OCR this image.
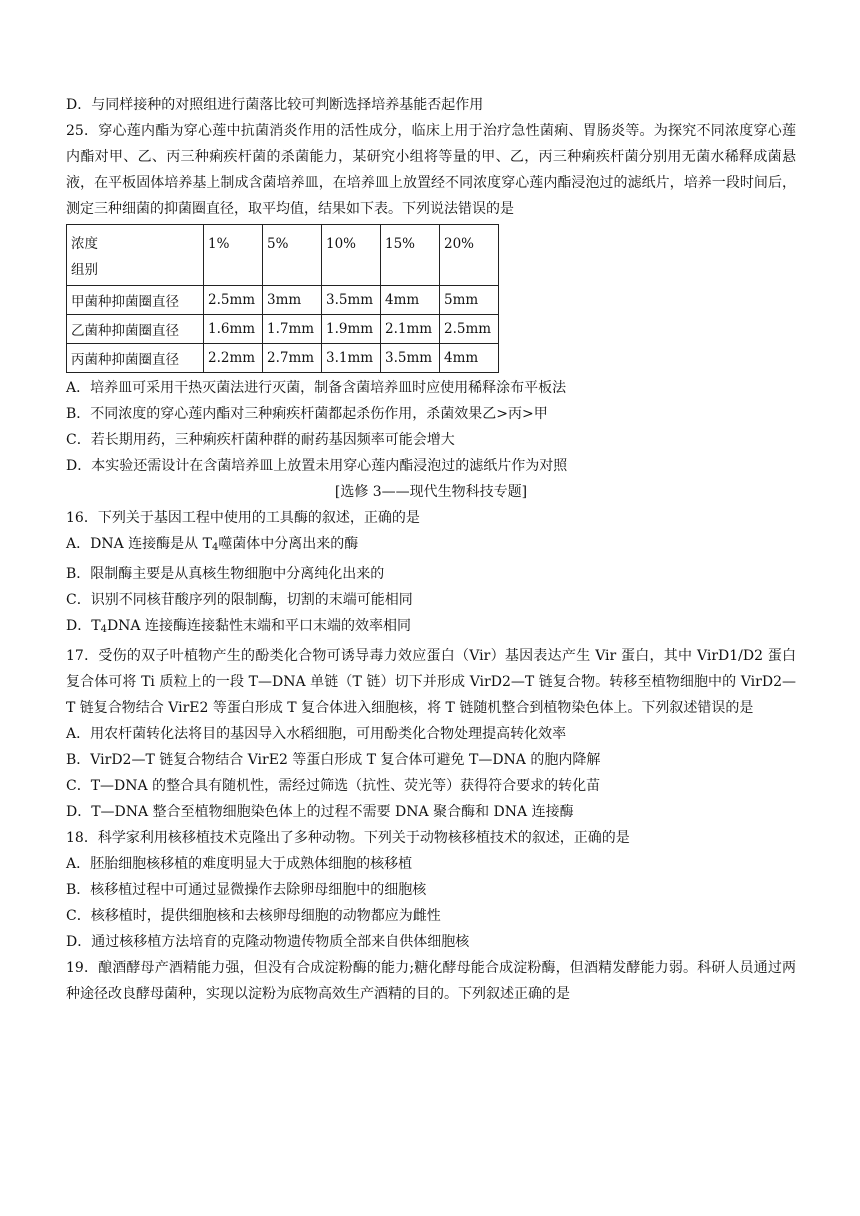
D．与同样接种的对照组进行菌落比较可判断选择培养基能否起作用
25．穿心莲内酯为穿心莲中抗菌消炎作用的活性成分，临床上用于治疗急性菌痢、胃肠炎等。为探究不同浓度穿心莲内酯对甲、乙、丙三种痢疾杆菌的杀菌能力，某研究小组将等量的甲、乙，丙三种痢疾杆菌分别用无菌水稀释成菌悬液，在平板固体培养基上制成含菌培养皿，在培养皿上放置经不同浓度穿心莲内酯浸泡过的滤纸片，培养一段时间后，测定三种细菌的抑菌圈直径，取平均值，结果如下表。下列说法错误的是
浓度
组别	1%	5%	10%	15%	20%
甲菌种抑菌圈直径	2.5mm	3mm	3.5mm	4mm	5mm
乙菌种抑菌圈直径	1.6mm	1.7mm	1.9mm	2.1mm	2.5mm
丙菌种抑菌圈直径	2.2mm	2.7mm	3.1mm	3.5mm	4mm
A．培养皿可采用干热灭菌法进行灭菌，制备含菌培养皿时应使用稀释涂布平板法
B．不同浓度的穿心莲内酯对三种痢疾杆菌都起杀伤作用，杀菌效果乙>丙>甲
C．若长期用药，三种痢疾杆菌种群的耐药基因频率可能会增大
D．本实验还需设计在含菌培养皿上放置未用穿心莲内酯浸泡过的滤纸片作为对照
[选修 3——现代生物科技专题]
16．下列关于基因工程中使用的工具酶的叙述，正确的是
A．DNA 连接酶是从 $T_4$噬菌体中分离出来的酶
B．限制酶主要是从真核生物细胞中分离纯化出来的
C．识别不同核苷酸序列的限制酶，切割的末端可能相同
D．$T_4DNA$ 连接酶连接黏性末端和平口末端的效率相同
17．受伤的双子叶植物产生的酚类化合物可诱导毒力效应蛋白（Vir）基因表达产生 Vir 蛋白，其中 VirD1/D2 蛋白复合体可将 Ti 质粒上的一段 T—DNA 单链（T 链）切下并形成 VirD2—T 链复合物。转移至植物细胞中的 VirD2—T 链复合物结合 VirE2 等蛋白形成 T 复合体进入细胞核，将 T 链随机整合到植物染色体上。下列叙述错误的是
A．用农杆菌转化法将目的基因导入水稻细胞，可用酚类化合物处理提高转化效率
B．VirD2—T 链复合物结合 VirE2 等蛋白形成 T 复合体可避免 T—DNA 的胞内降解
C．T—DNA 的整合具有随机性，需经过筛选（抗性、荧光等）获得符合要求的转化苗
D．T—DNA 整合至植物细胞染色体上的过程不需要 DNA 聚合酶和 DNA 连接酶
18．科学家利用核移植技术克隆出了多种动物。下列关于动物核移植技术的叙述，正确的是
A．胚胎细胞核移植的难度明显大于成熟体细胞的核移植
B．核移植过程中可通过显微操作去除卵母细胞中的细胞核
C．核移植时，提供细胞核和去核卵母细胞的动物都应为雌性
D．通过核移植方法培育的克隆动物遗传物质全部来自供体细胞核
19．酿酒酵母产酒精能力强，但没有合成淀粉酶的能力;糖化酵母能合成淀粉酶，但酒精发酵能力弱。科研人员通过两种途径改良酵母菌种，实现以淀粉为底物高效生产酒精的目的。下列叙述正确的是
